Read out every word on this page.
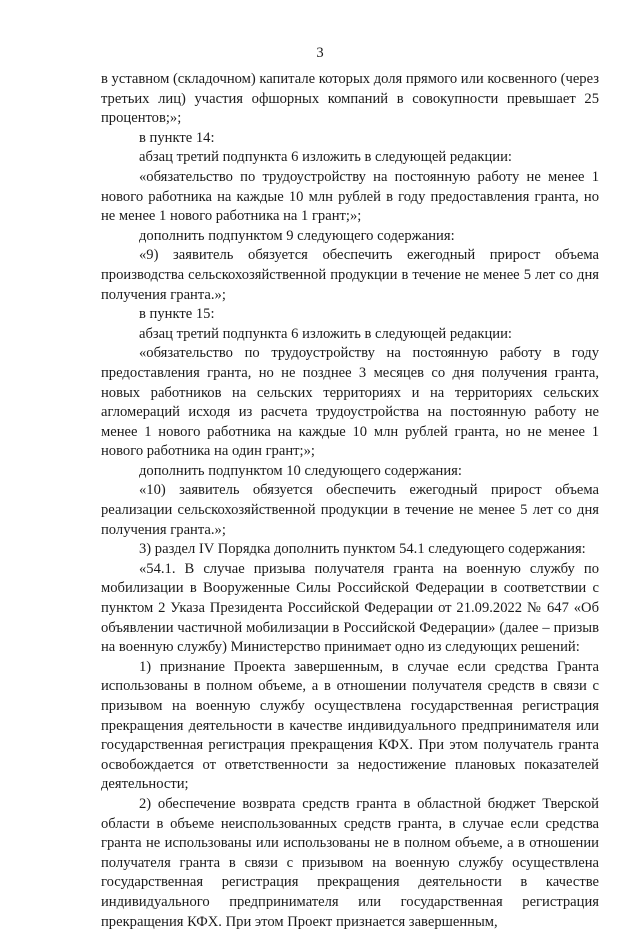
3

в уставном (складочном) капитале которых доля прямого или косвенного (через третьих лиц) участия офшорных компаний в совокупности превышает 25 процентов;»;

в пункте 14:

абзац третий подпункта 6 изложить в следующей редакции:

«обязательство по трудоустройству на постоянную работу не менее 1 нового работника на каждые 10 млн рублей в году предоставления гранта, но не менее 1 нового работника на 1 грант;»;

дополнить подпунктом 9 следующего содержания:

«9) заявитель обязуется обеспечить ежегодный прирост объема производства сельскохозяйственной продукции в течение не менее 5 лет со дня получения гранта.»;

в пункте 15:

абзац третий подпункта 6 изложить в следующей редакции:

«обязательство по трудоустройству на постоянную работу в году предоставления гранта, но не позднее 3 месяцев со дня получения гранта, новых работников на сельских территориях и на территориях сельских агломераций исходя из расчета трудоустройства на постоянную работу не менее 1 нового работника на каждые 10 млн рублей гранта, но не менее 1 нового работника на один грант;»;

дополнить подпунктом 10 следующего содержания:

«10) заявитель обязуется обеспечить ежегодный прирост объема реализации сельскохозяйственной продукции в течение не менее 5 лет со дня получения гранта.»;

3) раздел IV Порядка дополнить пунктом 54.1 следующего содержания:

«54.1. В случае призыва получателя гранта на военную службу по мобилизации в Вооруженные Силы Российской Федерации в соответствии с пунктом 2 Указа Президента Российской Федерации от 21.09.2022 № 647 «Об объявлении частичной мобилизации в Российской Федерации» (далее – призыв на военную службу) Министерство принимает одно из следующих решений:

1) признание Проекта завершенным, в случае если средства Гранта использованы в полном объеме, а в отношении получателя средств в связи с призывом на военную службу осуществлена государственная регистрация прекращения деятельности в качестве индивидуального предпринимателя или государственная регистрация прекращения КФХ. При этом получатель гранта освобождается от ответственности за недостижение плановых показателей деятельности;

2) обеспечение возврата средств гранта в областной бюджет Тверской области в объеме неиспользованных средств гранта, в случае если средства гранта не использованы или использованы не в полном объеме, а в отношении получателя гранта в связи с призывом на военную службу осуществлена государственная регистрация прекращения деятельности в качестве индивидуального предпринимателя или государственная регистрация прекращения КФХ. При этом Проект признается завершенным,
